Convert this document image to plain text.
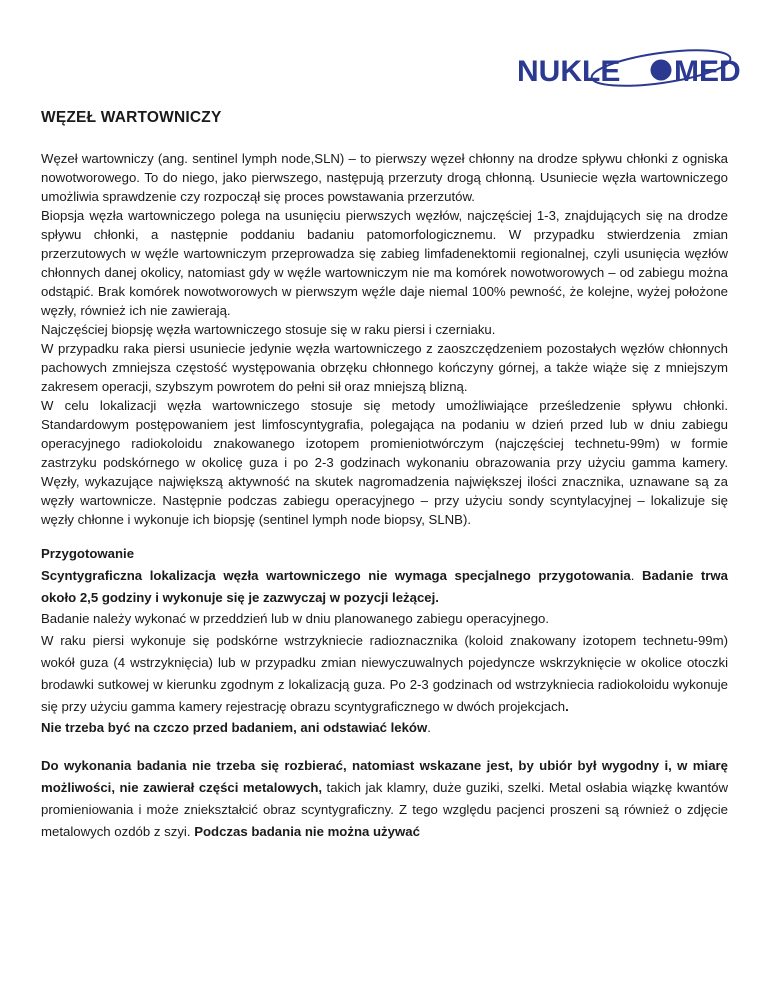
NUKLE MED
WĘZEŁ WARTOWNICZY

Węzeł wartowniczy (ang. sentinel lymph node,SLN) – to pierwszy węzeł chłonny na drodze spływu chłonki z ogniska nowotworowego. To do niego, jako pierwszego, następują przerzuty drogą chłonną. Usuniecie węzła wartowniczego umożliwia sprawdzenie czy rozpoczął się proces powstawania przerzutów.

Biopsja węzła wartowniczego polega na usunięciu pierwszych węzłów, najczęściej 1-3, znajdujących się na drodze spływu chłonki, a następnie poddaniu badaniu patomorfologicznemu. W przypadku stwierdzenia zmian przerzutowych w węźle wartowniczym przeprowadza się zabieg limfadenektomii regionalnej, czyli usunięcia węzłów chłonnych danej okolicy, natomiast gdy w węźle wartowniczym nie ma komórek nowotworowych – od zabiegu można odstąpić. Brak komórek nowotworowych w pierwszym węźle daje niemal 100% pewność, że kolejne, wyżej położone węzły, również ich nie zawierają.

Najczęściej biopsję węzła wartowniczego stosuje się w raku piersi i czerniaku.

W przypadku raka piersi usuniecie jedynie węzła wartowniczego z zaoszczędzeniem pozostałych węzłów chłonnych pachowych zmniejsza częstość występowania obrzęku chłonnego kończyny górnej, a także wiąże się z mniejszym zakresem operacji, szybszym powrotem do pełni sił oraz mniejszą blizną.

W celu lokalizacji węzła wartowniczego stosuje się metody umożliwiające prześledzenie spływu chłonki. Standardowym postępowaniem jest limfoscyntygrafia, polegająca na podaniu w dzień przed lub w dniu zabiegu operacyjnego radiokoloidu znakowanego izotopem promieniotwórczym (najczęściej technetu-99m) w formie zastrzyku podskórnego w okolicę guza i po 2-3 godzinach wykonaniu obrazowania przy użyciu gamma kamery. Węzły, wykazujące największą aktywność na skutek nagromadzenia największej ilości znacznika, uznawane są za węzły wartownicze. Następnie podczas zabiegu operacyjnego – przy użyciu sondy scyntylacyjnej – lokalizuje się węzły chłonne i wykonuje ich biopsję (sentinel lymph node biopsy, SLNB).

Przygotowanie

Scyntygraficzna lokalizacja węzła wartowniczego nie wymaga specjalnego przygotowania. Badanie trwa około 2,5 godziny i wykonuje się je zazwyczaj w pozycji leżącej.

Badanie należy wykonać w przeddzień lub w dniu planowanego zabiegu operacyjnego.

W raku piersi wykonuje się podskórne wstrzykniecie radioznacznika (koloid znakowany izotopem technetu-99m) wokół guza (4 wstrzyknięcia) lub w przypadku zmian niewyczuwalnych pojedyncze wskrzyknięcie w okolice otoczki brodawki sutkowej w kierunku zgodnym z lokalizacją guza. Po 2-3 godzinach od wstrzykniecia radiokoloidu wykonuje się przy użyciu gamma kamery rejestrację obrazu scyntygraficznego w dwóch projekcjach.

Nie trzeba być na czczo przed badaniem, ani odstawiać leków.

Do wykonania badania nie trzeba się rozbierać, natomiast wskazane jest, by ubiór był wygodny i, w miarę możliwości, nie zawierał części metalowych, takich jak klamry, duże guziki, szelki. Metal osłabia wiązkę kwantów promieniowania i może zniekształcić obraz scyntygraficzny. Z tego względu pacjenci proszeni są również o zdjęcie metalowych ozdób z szyi. Podczas badania nie można używać
